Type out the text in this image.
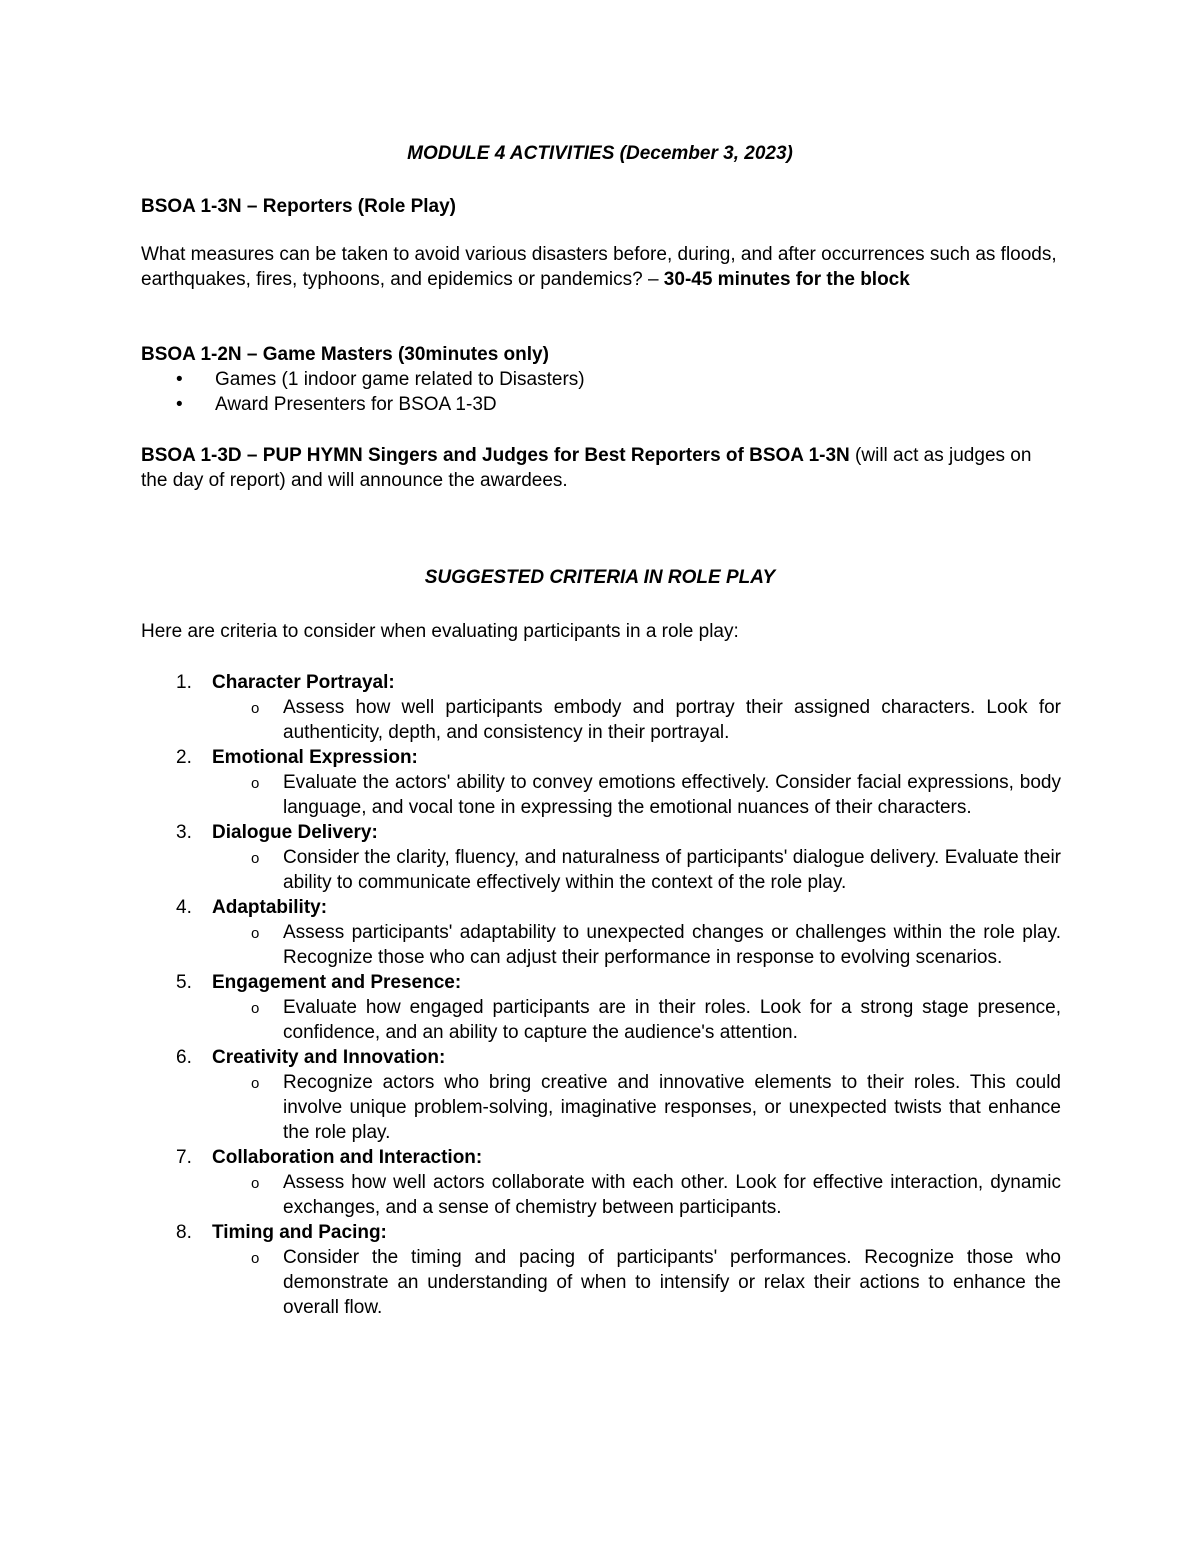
MODULE 4 ACTIVITIES (December 3, 2023)
BSOA 1-3N – Reporters (Role Play)
What measures can be taken to avoid various disasters before, during, and after occurrences such as floods, earthquakes, fires, typhoons, and epidemics or pandemics? – 30-45 minutes for the block
BSOA 1-2N – Game Masters (30minutes only)
• Games (1 indoor game related to Disasters)
• Award Presenters for BSOA 1-3D
BSOA 1-3D – PUP HYMN Singers and Judges for Best Reporters of BSOA 1-3N (will act as judges on the day of report) and will announce the awardees.
SUGGESTED CRITERIA IN ROLE PLAY
Here are criteria to consider when evaluating participants in a role play:
1. Character Portrayal:
o Assess how well participants embody and portray their assigned characters. Look for authenticity, depth, and consistency in their portrayal.
2. Emotional Expression:
o Evaluate the actors' ability to convey emotions effectively. Consider facial expressions, body language, and vocal tone in expressing the emotional nuances of their characters.
3. Dialogue Delivery:
o Consider the clarity, fluency, and naturalness of participants' dialogue delivery. Evaluate their ability to communicate effectively within the context of the role play.
4. Adaptability:
o Assess participants' adaptability to unexpected changes or challenges within the role play. Recognize those who can adjust their performance in response to evolving scenarios.
5. Engagement and Presence:
o Evaluate how engaged participants are in their roles. Look for a strong stage presence, confidence, and an ability to capture the audience's attention.
6. Creativity and Innovation:
o Recognize actors who bring creative and innovative elements to their roles. This could involve unique problem-solving, imaginative responses, or unexpected twists that enhance the role play.
7. Collaboration and Interaction:
o Assess how well actors collaborate with each other. Look for effective interaction, dynamic exchanges, and a sense of chemistry between participants.
8. Timing and Pacing:
o Consider the timing and pacing of participants' performances. Recognize those who demonstrate an understanding of when to intensify or relax their actions to enhance the overall flow.
